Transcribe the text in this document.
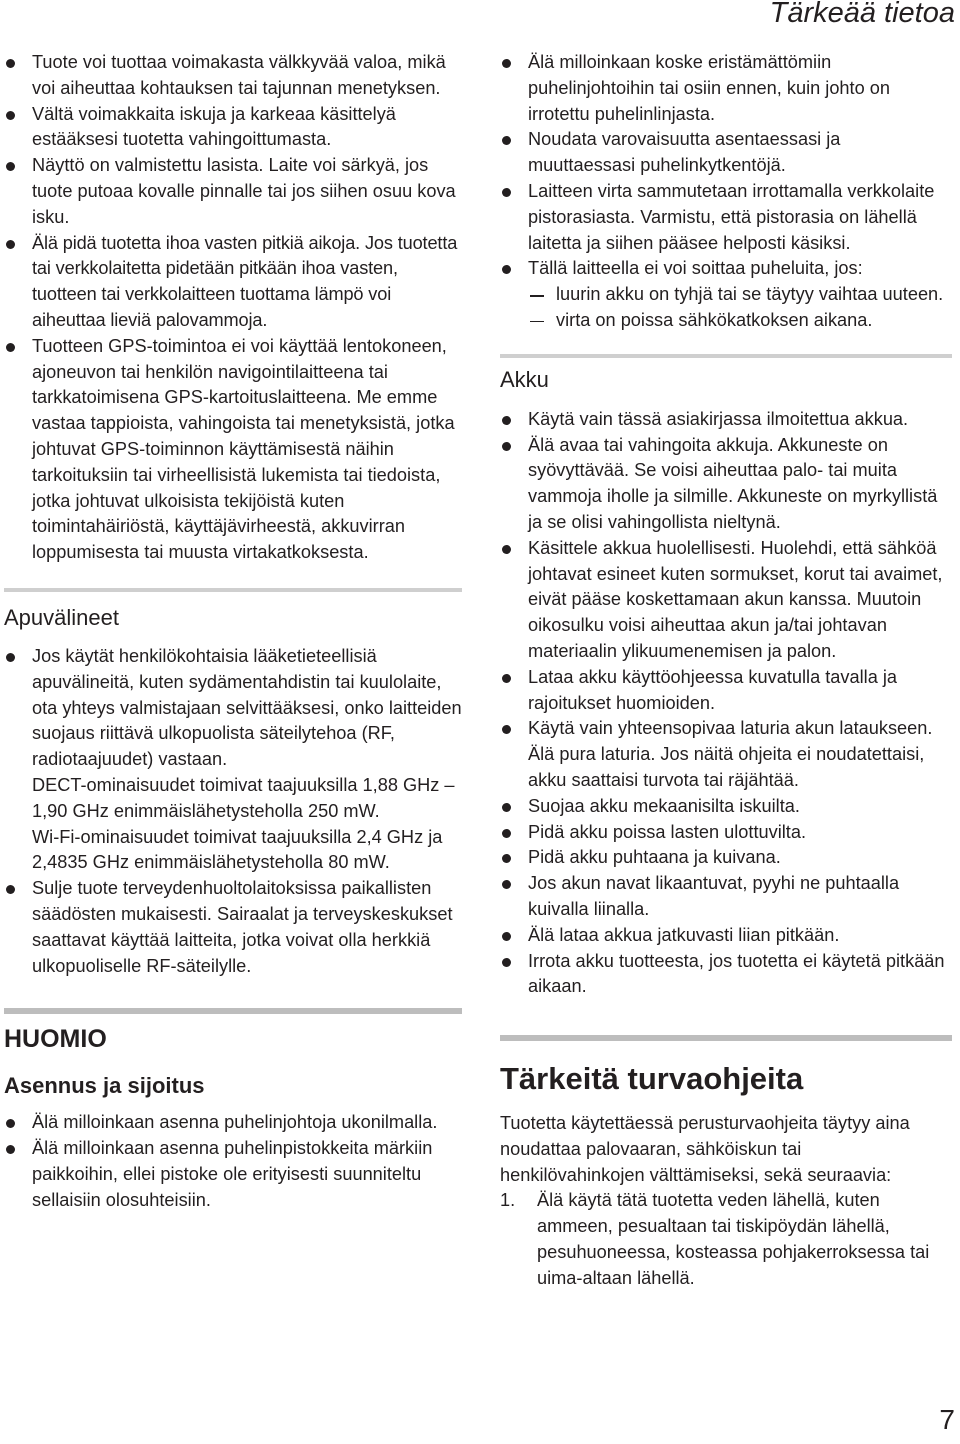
Tärkeää tietoa
Tuote voi tuottaa voimakasta välkkyvää valoa, mikä voi aiheuttaa kohtauksen tai tajunnan menetyksen.
Vältä voimakkaita iskuja ja karkeaa käsittelyä estääksesi tuotetta vahingoittumasta.
Näyttö on valmistettu lasista. Laite voi särkyä, jos tuote putoaa kovalle pinnalle tai jos siihen osuu kova isku.
Älä pidä tuotetta ihoa vasten pitkiä aikoja. Jos tuotetta tai verkkolaitetta pidetään pitkään ihoa vasten, tuotteen tai verkkolaitteen tuottama lämpö voi aiheuttaa lieviä palovammoja.
Tuotteen GPS-toimintoa ei voi käyttää lentokoneen, ajoneuvon tai henkilön navigointilaitteena tai tarkkatoimisena GPS-kartoituslaitteena. Me emme vastaa tappioista, vahingoista tai menetyksistä, jotka johtuvat GPS-toiminnon käyttämisestä näihin tarkoituksiin tai virheellisistä lukemista tai tiedoista, jotka johtuvat ulkoisista tekijöistä kuten toimintahäiriöstä, käyttäjävirheestä, akkuvirran loppumisesta tai muusta virtakatkoksesta.
Apuvälineet

Jos käytät henkilökohtaisia lääketieteellisiä apuvälineitä, kuten sydämentahdistin tai kuulolaite, ota yhteys valmistajaan selvittääksesi, onko laitteiden suojaus riittävä ulkopuolista säteilytehoa (RF, radiotaajuudet) vastaan.

DECT-ominaisuudet toimivat taajuuksilla 1,88 GHz – 1,90 GHz enimmäislähetysteholla 250 mW.

Wi-Fi-ominaisuudet toimivat taajuuksilla 2,4 GHz ja 2,4835 GHz enimmäislähetysteholla 80 mW.

Sulje tuote terveydenhuoltolaitoksissa paikallisten säädösten mukaisesti. Sairaalat ja terveyskeskukset saattavat käyttää laitteita, jotka voivat olla herkkiä ulkopuoliselle RF-säteilylle.
HUOMIO
Asennus ja sijoitus
Älä milloinkaan asenna puhelinjohtoja ukonilmalla.
Älä milloinkaan asenna puhelinpistokkeita märkiin paikkoihin, ellei pistoke ole erityisesti suunniteltu sellaisiin olosuhteisiin.
Älä milloinkaan koske eristämättömiin puhelinjohtoihin tai osiin ennen, kuin johto on irrotettu puhelinlinjasta.
Noudata varovaisuutta asentaessasi ja muuttaessasi puhelinkytkentöjä.
Laitteen virta sammutetaan irrottamalla verkkolaite pistorasiasta. Varmistu, että pistorasia on lähellä laitetta ja siihen pääsee helposti käsiksi.
Tällä laitteella ei voi soittaa puheluita, jos:
luurin akku on tyhjä tai se täytyy vaihtaa uuteen.
virta on poissa sähkökatkoksen aikana.
Akku
Käytä vain tässä asiakirjassa ilmoitettua akkua.
Älä avaa tai vahingoita akkuja. Akkuneste on syövyttävää. Se voisi aiheuttaa palo- tai muita vammoja iholle ja silmille. Akkuneste on myrkyllistä ja se olisi vahingollista nieltynä.
Käsittele akkua huolellisesti. Huolehdi, että sähköä johtavat esineet kuten sormukset, korut tai avaimet, eivät pääse koskettamaan akun kanssa. Muutoin oikosulku voisi aiheuttaa akun ja/tai johtavan materiaalin ylikuumenemisen ja palon.
Lataa akku käyttöohjeessa kuvatulla tavalla ja rajoitukset huomioiden.
Käytä vain yhteensopivaa laturia akun lataukseen. Älä pura laturia. Jos näitä ohjeita ei noudatettaisi, akku saattaisi turvota tai räjähtää.
Suojaa akku mekaanisilta iskuilta.
Pidä akku poissa lasten ulottuvilta.
Pidä akku puhtaana ja kuivana.
Jos akun navat likaantuvat, pyyhi ne puhtaalla kuivalla liinalla.
Älä lataa akkua jatkuvasti liian pitkään.
Irrota akku tuotteesta, jos tuotetta ei käytetä pitkään aikaan.
Tärkeitä turvaohjeita

Tuotetta käytettäessä perusturvaohjeita täytyy aina noudattaa palovaaran, sähköiskun tai henkilövahinkojen välttämiseksi, sekä seuraavia:

1. Älä käytä tätä tuotetta veden lähellä, kuten ammeen, pesualtaan tai tiskipöydän lähellä, pesuhuoneessa, kosteassa pohjakerroksessa tai uima-altaan lähellä.
7
